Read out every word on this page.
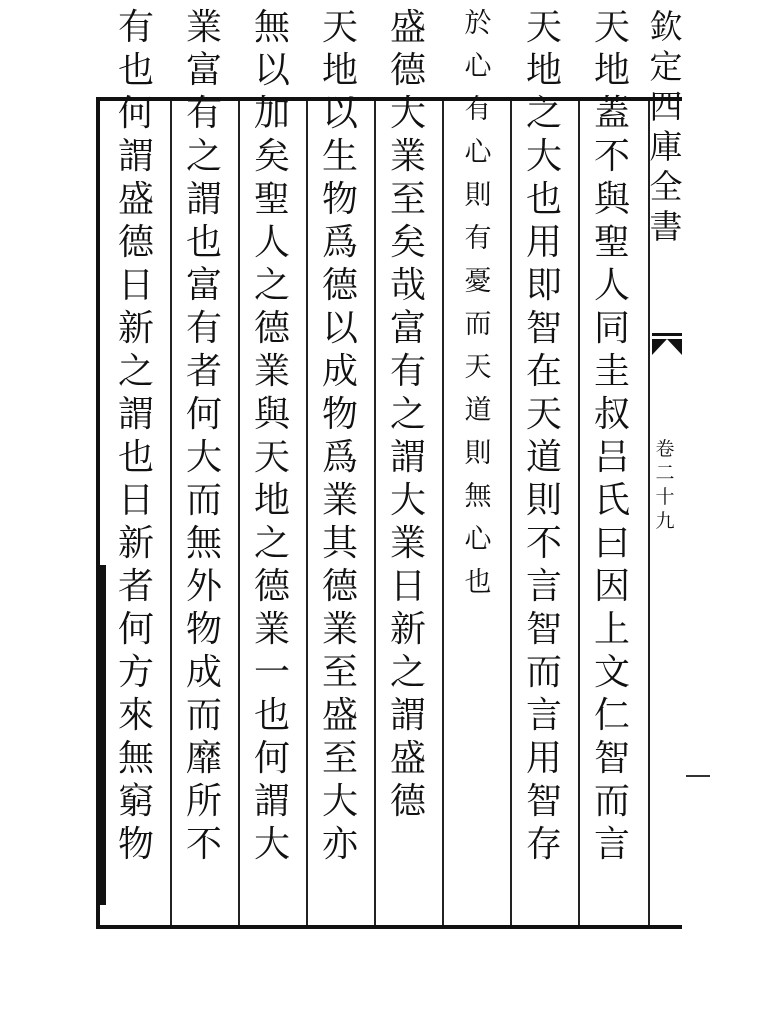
天
地
蓋
不
與
聖
人
同
圭
叔
吕
氏
曰
因
上
文
仁
智
而
言
天
地
之
大
也
用
即
智
在
天
道
則
不
言
智
而
言
用
智
存
於
心
有
心
則
有
憂
而
天
道
則
無
心
也
盛
德
大
業
至
矣
哉
富
有
之
謂
大
業
日
新
之
謂
盛
德
天
地
以
生
物
爲
德
以
成
物
爲
業
其
德
業
至
盛
至
大
亦
無
以
加
矣
聖
人
之
德
業
與
天
地
之
德
業
一
也
何
謂
大
業
富
有
之
謂
也
富
有
者
何
大
而
無
外
物
成
而
靡
所
不
有
也
何
謂
盛
德
日
新
之
謂
也
日
新
者
何
方
來
無
窮
物
欽
定
四
庫
全
書
卷
二
十
九
